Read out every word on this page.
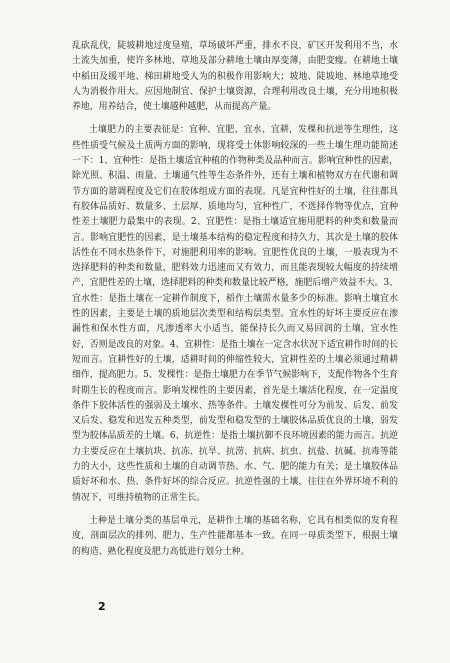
乱砍乱伐，陡坡耕地过度垦殖，草场破坏严重，排水不良，矿区开发利用不当，水土流失加重，使许多林地、草地及部分耕地土壤由厚变薄，由肥变瘦。在耕地土壤中稻田及缓平地、梯田耕地受人为的积极作用影响大；坡地、陡坡地、林地草地受人为消极作用大。应因地制宜、保护土壤资源，合理利用改良土壤，充分用地积极养地，用养结合，使土壤越种越肥，从而提高产量。

土壤肥力的主要表征是：宜种、宜肥、宜水、宜耕，发棵和抗逆等生理性，这些性质受气候及土质两方面的影响，现将受土体影响较深的一些土壤生理功能简述一下：1、宜种性：是指土壤适宜种植的作物种类及品种而言。影响宜种性的因素，除光照、积温、雨量、土壤通气性等生态条件外，还有土壤和植物双方在代谢和调节方面的谐调程度及它们在胶体组成方面的表现。凡是宜种性好的土壤，往往都具有胶体品质好、数量多、土层厚、质地均匀，宜种性广，不选择作物等优点，宜种性差土壤肥力最集中的表现。2、宜肥性：是指土壤适宜施用肥料的种类和数量而言。影响宜肥性的因素，是土壤基本结构的稳定程度和持久力，其次是土壤的胶体活性在不同水热条件下，对施肥利用率的影响。宜肥性优良的土壤，一般表现为不选择肥料的种类和数量，肥料效力迅速而又有效力，而且能表现较大幅度的持续增产，宜肥性差的土壤，选择肥料的种类和数量比较严格，施肥后增产效益不大。3、宜水性：是指土壤在一定耕作制度下，稻作土壤需水量多少的标准。影响土壤宜水性的因素，主要是土壤的质地层次类型和结构层类型。宜水性的好坏主要反应在渗漏性和保水性方面，凡渗透率大小适当，能保持长久而又易回润的土壤，宜水性好，否则是改良的对象。4、宜耕性：是指土壤在一定含水状况下适宜耕作时间的长短而言。宜耕性好的土壤，适耕时间的伸缩性较大，宜耕性差的土壤必须通过精耕细作，提高肥力。5、发棵性：是指土壤肥力在季节气候影响下，支配作物各个生育时期生长的程度而言。影响发棵性的主要因素，首先是土壤活化程度，在一定温度条件下胶体活性的强弱及土壤水、热等条件。土壤发棵性可分为前发、后发、前发又后发、稳发和迟发五种类型，前发型和稳发型的土壤胶体品质优良的土壤，弱发型为胶体品质差的土壤。6、抗逆性：是指土壤抗御不良环境因素的能力而言。抗逆力主要反应在土壤抗块、抗冻、抗旱、抗涝、抗病、抗虫、抗盐、抗碱、抗毒等能力的大小，这些性质和土壤的自动调节热、水、气、肥的能力有关；是土壤胶体品质好坏和水、热、条件好坏的综合反应。抗逆性强的土壤，往往在外界环境不利的情况下，可维持植物的正常生长。

土种是土壤分类的基层单元，是耕作土壤的基础名称，它具有相类似的发育程度，剖面层次的排列、肥力、生产性能都基本一致。在同一母质类型下，根据土壤的构造、熟化程度及肥力高低进行划分土种。

2
